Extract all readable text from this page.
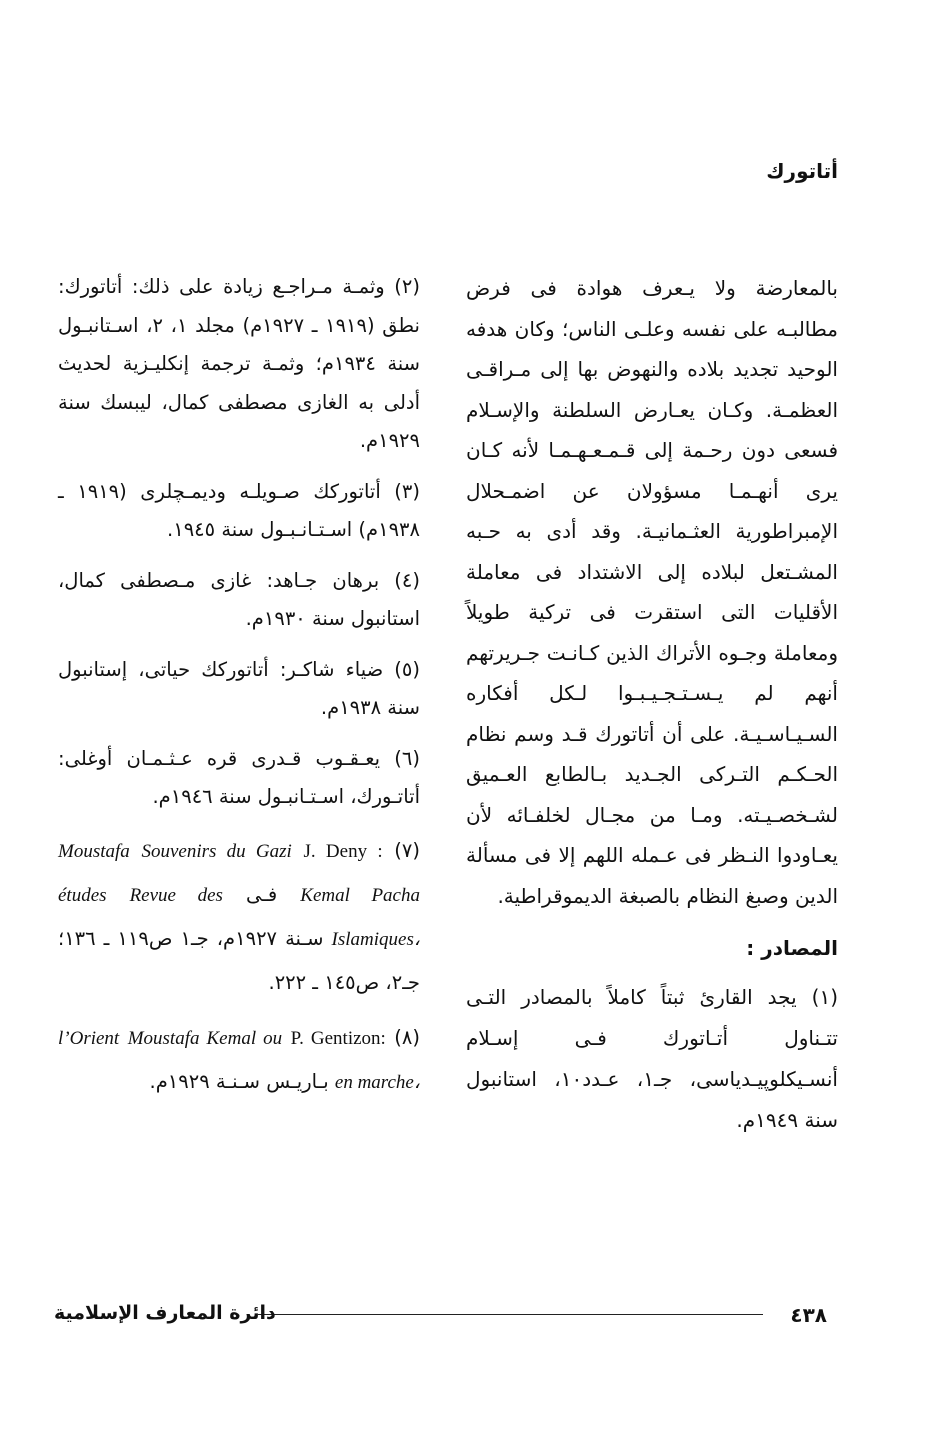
أتاتورك

بالمعارضة ولا يـعرف هوادة فى فرض مطالبـه على نفسه وعلـى الناس؛ وكان هدفه الوحيد تجديد بلاده والنهوض بها إلى مـراقـى العظمـة. وكـان يعـارض السلطنة والإسـلام فسعى دون رحـمة إلى قـمـعـهـمـا لأنه كـان يرى أنهـمـا مسؤولان عن اضمـحلال الإمبراطورية العثـمانيـة. وقد أدى به حـبه المشـتعل لبلاده إلى الاشتداد فى معاملة الأقليات التى استقرت فى تركية طويلاً ومعاملة وجـوه الأتراك الذين كـانـت جـريرتهم أنهم لم يـسـتـجـيـبـوا لـكل أفكاره السـيـاسـيـة. على أن أتاتورك قـد وسم نظام الحـكـم التـركى الجـديد بـالطابع العـميق لشـخصـيـته. ومـا من مجـال لخلفـائه لأن يعـاودوا النـظر فى عـمله اللهم إلا فى مسألة الدين وصبغ النظام بالصبغة الديموقراطية.

المصادر :

(١) يجد القارئ ثبتاً كاملاً بالمصادر التـى تتـناول أتـاتورك فـى إسـلام أنسـيكلوپيـدياسى، جـ١، عـدد١٠، استانبول سنة ١٩٤٩م.

(٢) وثمـة مـراجـع زيادة على ذلك: أتاتورك: نطق (١٩١٩ ـ ١٩٢٧م) مجلد ١، ٢، اسـتانبـول سنة ١٩٣٤م؛ وثمـة ترجمة إنكليـزية لحديث أدلى به الغازى مصطفى كمال، ليبسك سنة ١٩٢٩م.

(٣) أتاتوركك صـويلـه وديمـچلرى (١٩١٩ ـ ١٩٣٨م) اسـتـانـبـول سنة ١٩٤٥.

(٤) برهان جـاهد: غازى مـصطفى كمال، استانبول سنة ١٩٣٠م.

(٥) ضياء شاكـر: أتاتوركك حياتى، إستانبول سنة ١٩٣٨م.

(٦) يعـقـوب قـدرى قره عـثـمـان أوغلى: أتاتـورك، اسـتـانبـول سنة ١٩٤٦م.

(٧) J. Deny : Souvenirs du Gazi Moustafa Kemal Pacha فـى Revue des études Islamiques، سـنة ١٩٢٧م، جـ١ ص١١٩ ـ ١٣٦؛ جـ٢، ص١٤٥ ـ ٢٢٢.

(٨) P. Gentizon: Moustafa Kemal ou l’Orient en marche، بـاريـس سـنـة ١٩٢٩م.

٤٣٨
دائرة المعارف الإسلامية
